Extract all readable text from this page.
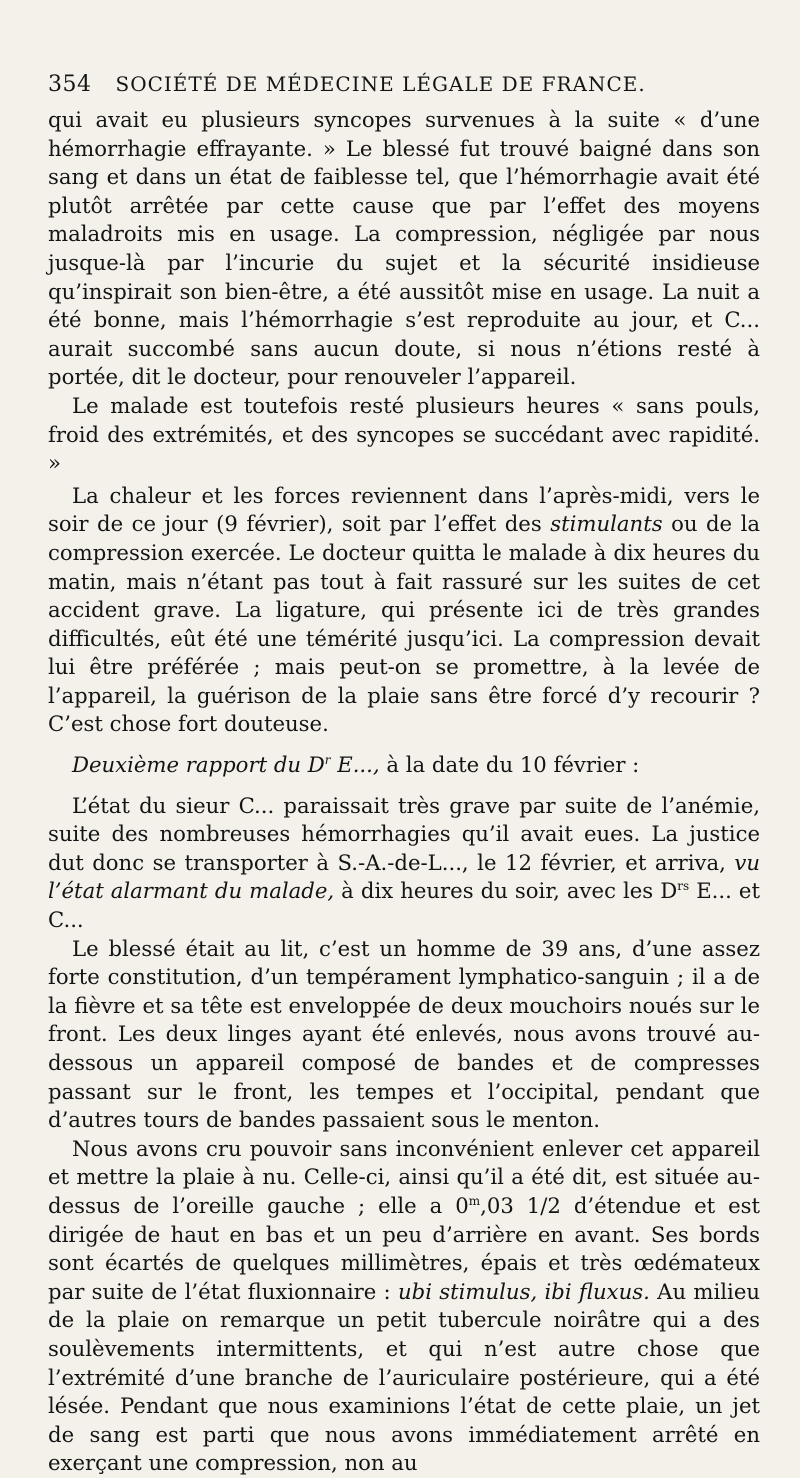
354 SOCIÉTÉ DE MÉDECINE LÉGALE DE FRANCE.

qui avait eu plusieurs syncopes survenues à la suite « d’une hémorrhagie effrayante. » Le blessé fut trouvé baigné dans son sang et dans un état de faiblesse tel, que l’hémorrhagie avait été plutôt arrêtée par cette cause que par l’effet des moyens maladroits mis en usage. La compression, négligée par nous jusque-là par l’incurie du sujet et la sécurité insidieuse qu’inspirait son bien-être, a été aussitôt mise en usage. La nuit a été bonne, mais l’hémorrhagie s’est reproduite au jour, et C... aurait succombé sans aucun doute, si nous n’étions resté à portée, dit le docteur, pour renouveler l’appareil.

Le malade est toutefois resté plusieurs heures « sans pouls, froid des extrémités, et des syncopes se succédant avec rapidité. »

La chaleur et les forces reviennent dans l’après-midi, vers le soir de ce jour (9 février), soit par l’effet des stimulants ou de la compression exercée. Le docteur quitta le malade à dix heures du matin, mais n’étant pas tout à fait rassuré sur les suites de cet accident grave. La ligature, qui présente ici de très grandes difficultés, eût été une témérité jusqu’ici. La compression devait lui être préférée ; mais peut-on se promettre, à la levée de l’appareil, la guérison de la plaie sans être forcé d’y recourir ? C’est chose fort douteuse.

Deuxième rapport du $D^r$ E..., à la date du 10 février :

L’état du sieur C... paraissait très grave par suite de l’anémie, suite des nombreuses hémorrhagies qu’il avait eues. La justice dut donc se transporter à S.-A.-de-L..., le 12 février, et arriva, vu l’état alarmant du malade, à dix heures du soir, avec les $D^{rs}$ E... et C...

Le blessé était au lit, c’est un homme de 39 ans, d’une assez forte constitution, d’un tempérament lymphatico-sanguin ; il a de la fièvre et sa tête est enveloppée de deux mouchoirs noués sur le front. Les deux linges ayant été enlevés, nous avons trouvé au-dessous un appareil composé de bandes et de compresses passant sur le front, les tempes et l’occipital, pendant que d’autres tours de bandes passaient sous le menton.

Nous avons cru pouvoir sans inconvénient enlever cet appareil et mettre la plaie à nu. Celle-ci, ainsi qu’il a été dit, est située au-dessus de l’oreille gauche ; elle a 0$^m$,03 1/2 d’étendue et est dirigée de haut en bas et un peu d’arrière en avant. Ses bords sont écartés de quelques millimètres, épais et très œdémateux par suite de l’état fluxionnaire : ubi stimulus, ibi fluxus. Au milieu de la plaie on remarque un petit tubercule noirâtre qui a des soulèvements intermittents, et qui n’est autre chose que l’extrémité d’une branche de l’auriculaire postérieure, qui a été lésée. Pendant que nous examinions l’état de cette plaie, un jet de sang est parti que nous avons immédiatement arrêté en exerçant une compression, non au
